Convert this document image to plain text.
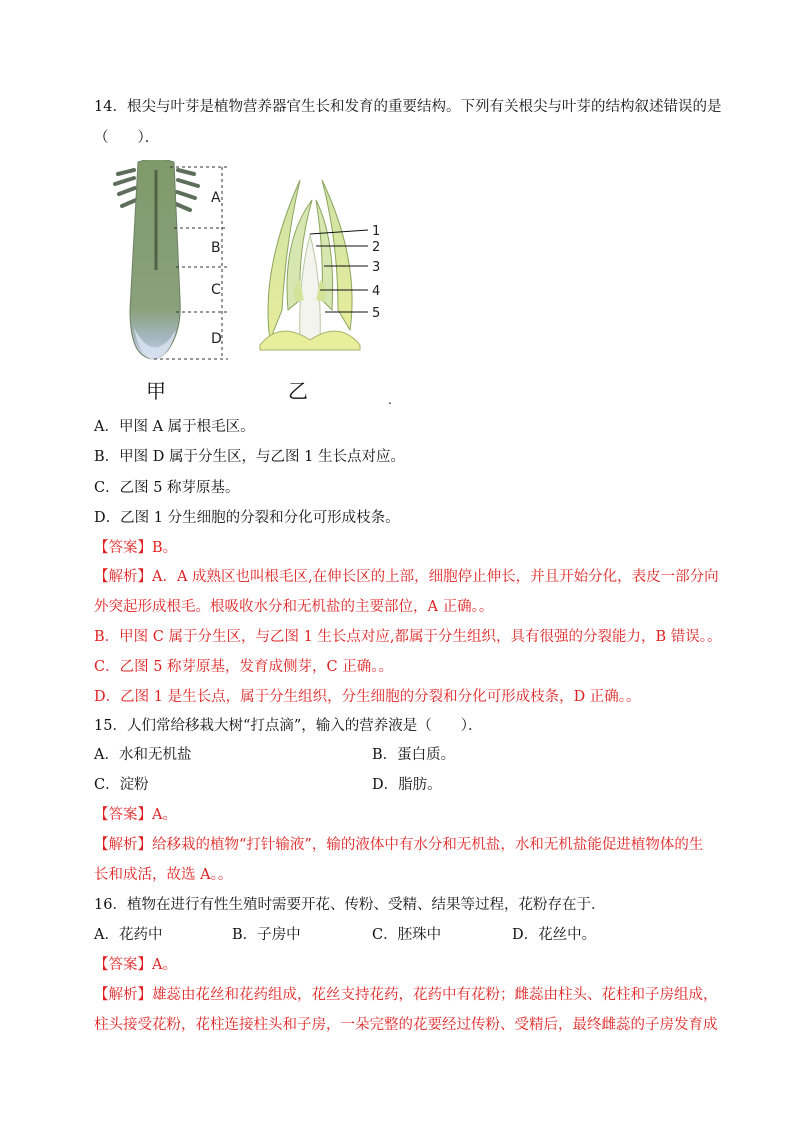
14．根尖与叶芽是植物营养器官生长和发育的重要结构。下列有关根尖与叶芽的结构叙述错误的是
（　　）．
A
B
C
D
1
2
3
4
5
甲	乙	.
A．甲图 A 属于根毛区。
B．甲图 D 属于分生区，与乙图 1 生长点对应。
C．乙图 5 称芽原基。
D．乙图 1 分生细胞的分裂和分化可形成枝条。
【答案】B。
【解析】A．A 成熟区也叫根毛区,在伸长区的上部，细胞停止伸长，并且开始分化，表皮一部分向
外突起形成根毛。根吸收水分和无机盐的主要部位，A 正确。。
B．甲图 C 属于分生区，与乙图 1 生长点对应,都属于分生组织，具有很强的分裂能力，B 错误。。
C．乙图 5 称芽原基，发育成侧芽，C 正确。。
D．乙图 1 是生长点，属于分生组织，分生细胞的分裂和分化可形成枝条，D 正确。。
15．人们常给移栽大树“打点滴”，输入的营养液是（　　）．
A．水和无机盐	B．蛋白质。
C．淀粉	D．脂肪。
【答案】A。
【解析】给移栽的植物“打针输液”，输的液体中有水分和无机盐，水和无机盐能促进植物体的生
长和成活，故选 A。。
16．植物在进行有性生殖时需要开花、传粉、受精、结果等过程，花粉存在于．
A．花药中	B．子房中	C．胚珠中	D．花丝中。
【答案】A。
【解析】雄蕊由花丝和花药组成，花丝支持花药，花药中有花粉；雌蕊由柱头、花柱和子房组成，
柱头接受花粉，花柱连接柱头和子房，一朵完整的花要经过传粉、受精后，最终雌蕊的子房发育成
